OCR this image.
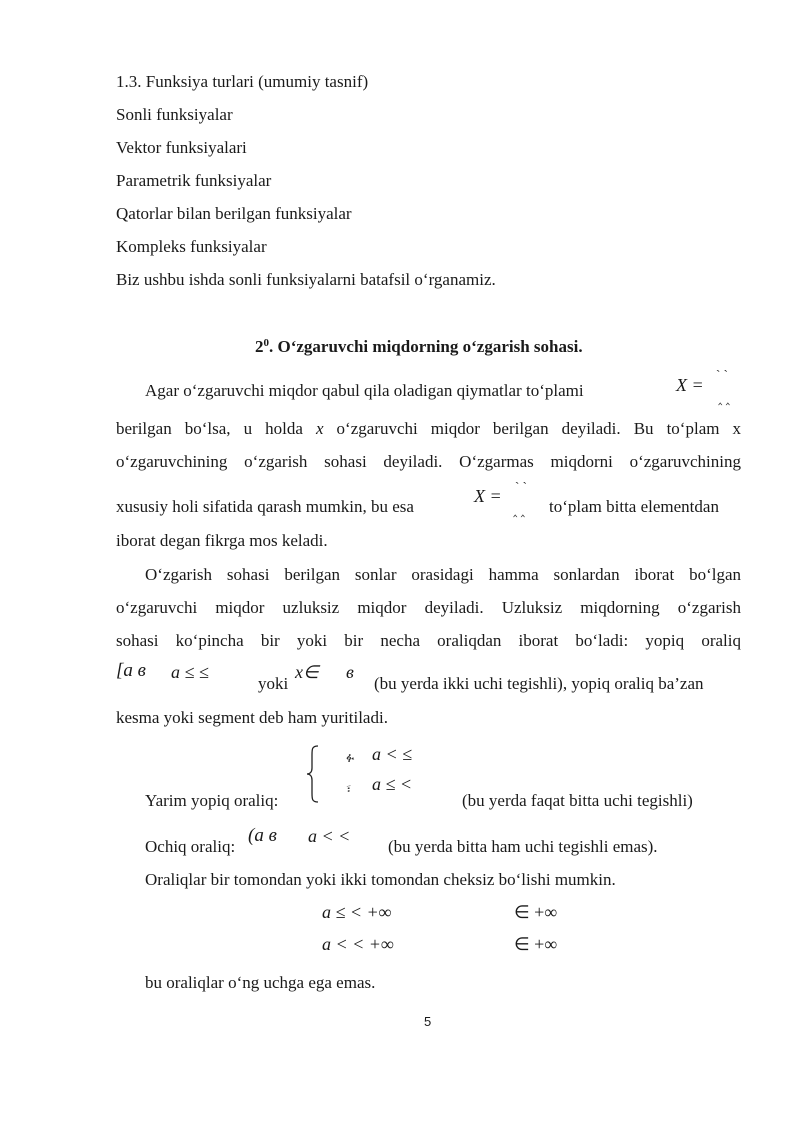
1.3. Funksiya turlari (umumiy tasnif)
Sonli funksiyalar
Vektor funksiyalari
Parametrik funksiyalar
Qatorlar bilan berilgan funksiyalar
Kompleks funksiyalar
Biz ushbu ishda sonli funksiyalarni batafsil o‘rganamiz.
$2^0$. O‘zgaruvchi miqdorning o‘zgarish sohasi.
Agar o‘zgaruvchi miqdor qabul qila oladigan qiymatlar to‘plami	X =
` `
‸ ‸
berilgan bo‘lsa, u holda x o‘zgaruvchi miqdor berilgan deyiladi. Bu to‘plam x
o‘zgaruvchining o‘zgarish sohasi deyiladi. O‘zgarmas miqdorni o‘zgaruvchining
xususiy holi sifatida qarash mumkin, bu esa
X = ` `
‸ ‸ to‘plam bitta elementdan
iborat degan fikrga mos keladi.
O‘zgarish sohasi berilgan sonlar orasidagi hamma sonlardan iborat bo‘lgan
o‘zgaruvchi miqdor uzluksiz miqdor deyiladi. Uzluksiz miqdorning o‘zgarish
sohasi ko‘pincha bir yoki bir necha oraliqdan iborat bo‘ladi: yopiq oraliq
[a в a ≤ ≤
yoki
x∈ в
(bu yerda ikki uchi tegishli), yopiq oraliq ba’zan
kesma yoki segment deb ham yuritiladi.
ፉ a < ≤
፣ a ≤ <
Yarim yopiq oraliq:	(bu yerda faqat bitta uchi tegishli)
Ochiq oraliq:
(a в a < <
(bu yerda bitta ham uchi tegishli emas).
Oraliqlar bir tomondan yoki ikki tomondan cheksiz bo‘lishi mumkin.
a ≤ < +∞	∈ +∞
a < < +∞	∈ +∞
bu oraliqlar o‘ng uchga ega emas.
5
